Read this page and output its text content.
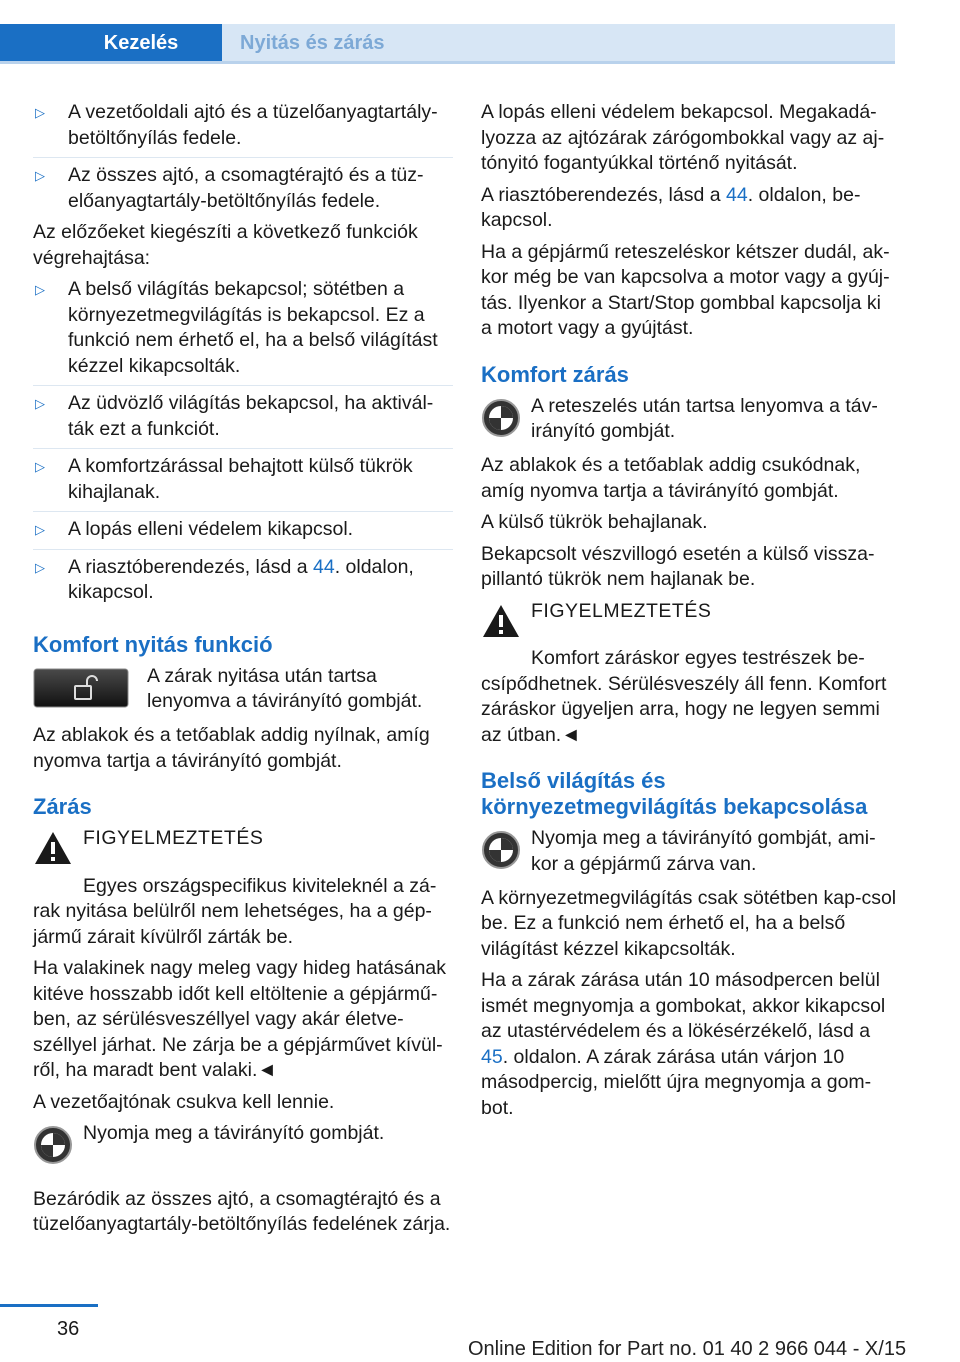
Kezelés	Nyitás és zárás
▷	A vezetőoldali ajtó és a tüzelőanyagtartály-betöltőnyílás fedele.
▷	Az összes ajtó, a csomagtérajtó és a tüz-előanyagtartály-betöltőnyílás fedele.

Az előzőeket kiegészíti a következő funkciók végrehajtása:

▷	A belső világítás bekapcsol; sötétben a környezetmegvilágítás is bekapcsol. Ez a funkció nem érhető el, ha a belső világítást kézzel kikapcsolták.
▷	Az üdvözlő világítás bekapcsol, ha aktivál-ták ezt a funkciót.
▷	A komfortzárással behajtott külső tükrök kihajlanak.
▷	A lopás elleni védelem kikapcsol.
▷	A riasztóberendezés, lásd a 44. oldalon, kikapcsol.
Komfort nyitás funkció
A zárak nyitása után tartsa lenyomva a távirányító gombját.

Az ablakok és a tetőablak addig nyílnak, amíg nyomva tartja a távirányító gombját.

Zárás
FIGYELMEZTETÉS

Egyes országspecifikus kiviteleknél a zá-rak nyitása belülről nem lehetséges, ha a gép-jármű zárait kívülről zárták be.

Ha valakinek nagy meleg vagy hideg hatásának kitéve hosszabb időt kell eltöltenie a gépjármű-ben, az sérülésveszéllyel vagy akár életve-széllyel járhat. Ne zárja be a gépjárművet kívül-ről, ha maradt bent valaki.◄

A vezetőajtónak csukva kell lennie.

Nyomja meg a távirányító gombját.

Bezáródik az összes ajtó, a csomagtérajtó és a tüzelőanyagtartály-betöltőnyílás fedelének zárja.

A lopás elleni védelem bekapcsol. Megakadá-lyozza az ajtózárak zárógombokkal vagy az aj-tónyitó fogantyúkkal történő nyitását.

A riasztóberendezés, lásd a 44. oldalon, be-kapcsol.

Ha a gépjármű reteszeléskor kétszer dudál, ak-kor még be van kapcsolva a motor vagy a gyúj-tás. Ilyenkor a Start/Stop gombbal kapcsolja ki a motort vagy a gyújtást.

Komfort zárás
A reteszelés után tartsa lenyomva a táv-irányító gombját.

Az ablakok és a tetőablak addig csukódnak, amíg nyomva tartja a távirányító gombját.

A külső tükrök behajlanak.

Bekapcsolt vészvillogó esetén a külső vissza-pillantó tükrök nem hajlanak be.

FIGYELMEZTETÉS

Komfort záráskor egyes testrészek be-csípődhetnek. Sérülésveszély áll fenn. Komfort záráskor ügyeljen arra, hogy ne legyen semmi az útban.◄

Belső világítás és környezetmegvilágítás bekapcsolása
Nyomja meg a távirányító gombját, ami-kor a gépjármű zárva van.

A környezetmegvilágítás csak sötétben kap-csol be. Ez a funkció nem érhető el, ha a belső világítást kézzel kikapcsolták.

Ha a zárak zárása után 10 másodpercen belül ismét megnyomja a gombokat, akkor kikapcsol az utastérvédelem és a lökésérzékelő, lásd a 45. oldalon. A zárak zárása után várjon 10 másodpercig, mielőtt újra megnyomja a gom-bot.

36
Online Edition for Part no. 01 40 2 966 044 - X/15
